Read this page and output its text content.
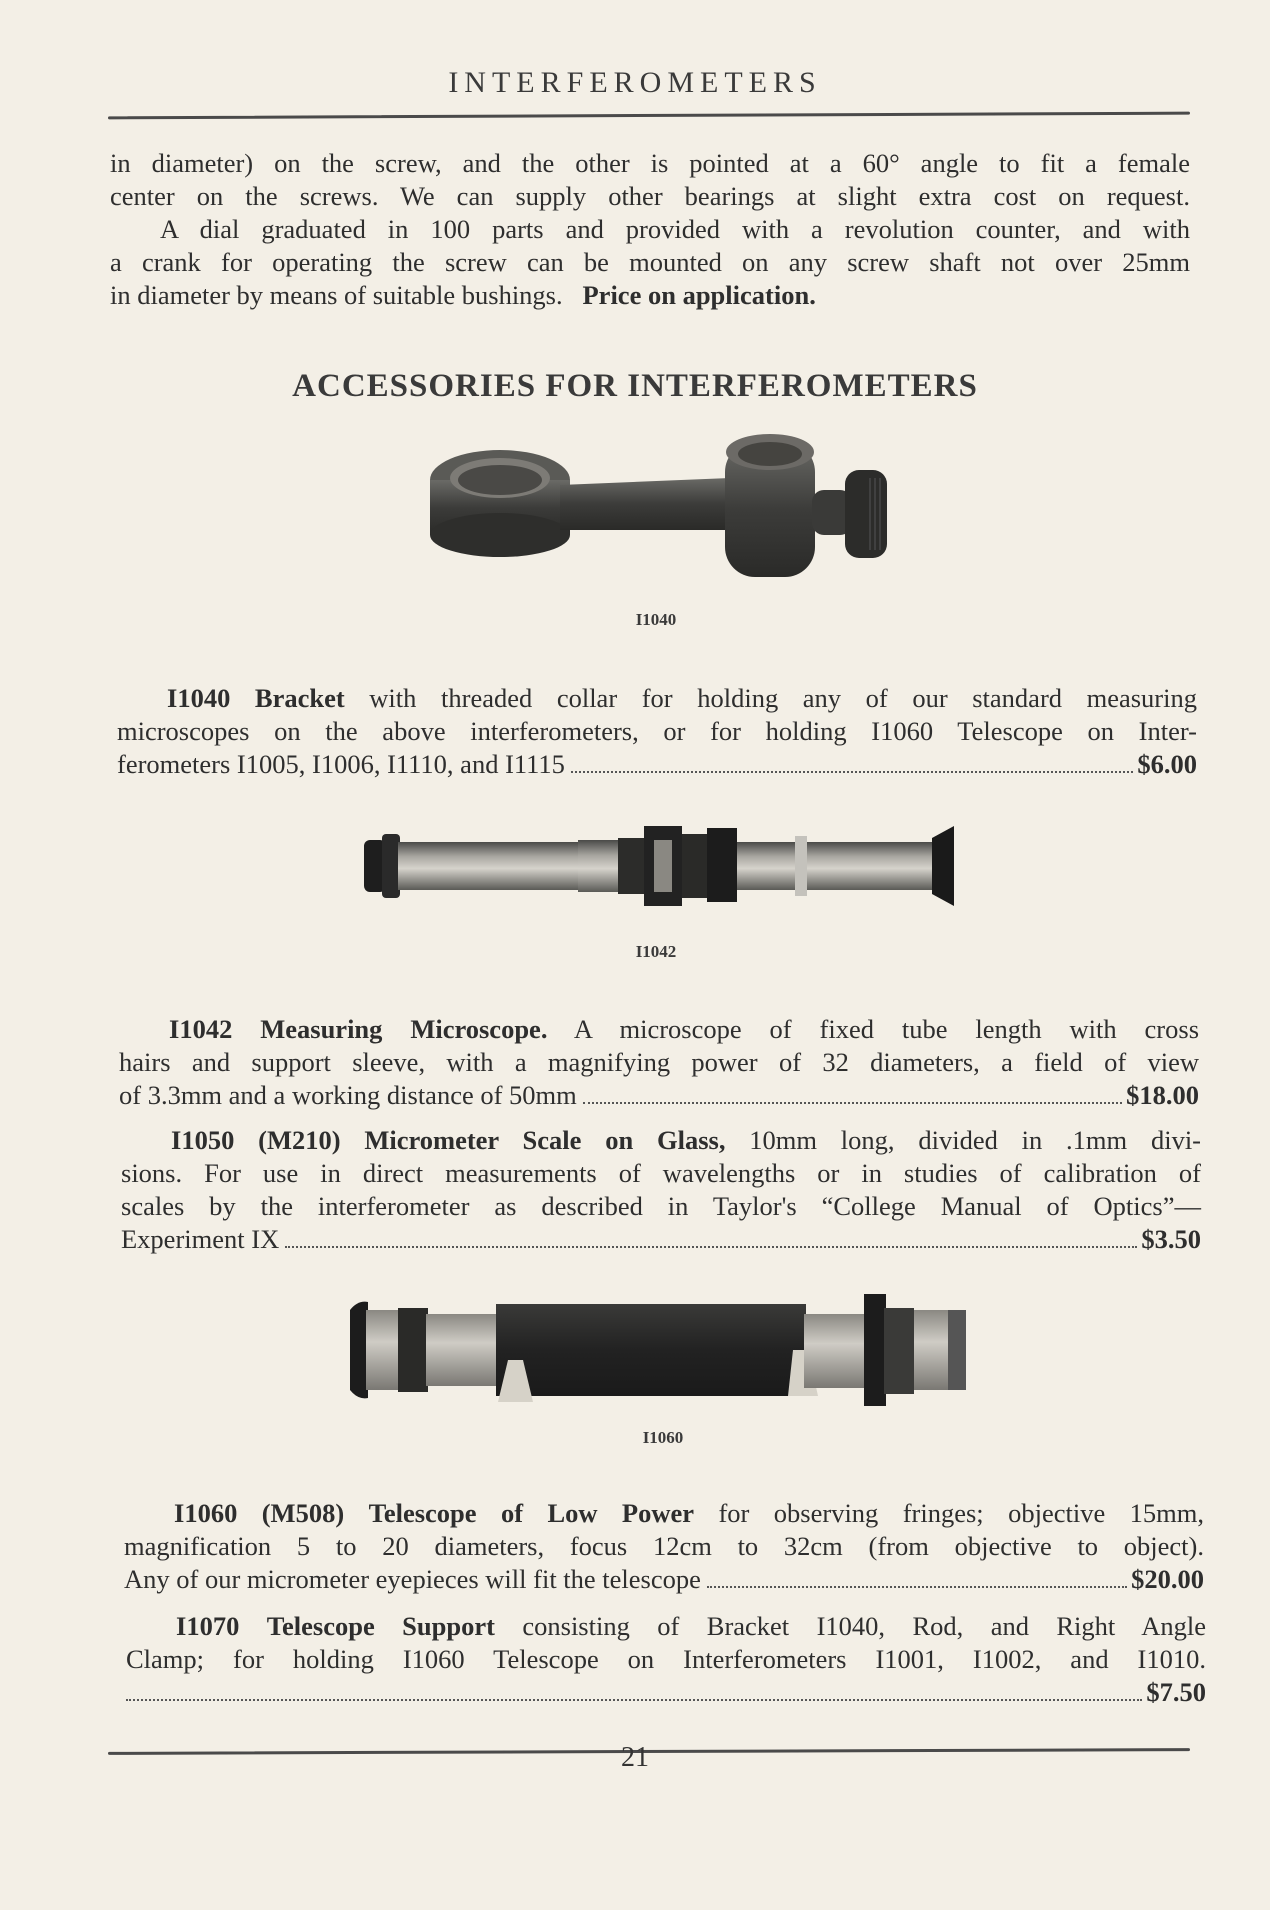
INTERFEROMETERS
in diameter) on the screw, and the other is pointed at a 60° angle to fit a female
center on the screws. We can supply other bearings at slight extra cost on request.
A dial graduated in 100 parts and provided with a revolution counter, and with
a crank for operating the screw can be mounted on any screw shaft not over 25mm
in diameter by means of suitable bushings. Price on application.
ACCESSORIES FOR INTERFEROMETERS
I1040
I1040 Bracket with threaded collar for holding any of our standard measuring
microscopes on the above interferometers, or for holding I1060 Telescope on Inter-
ferometers I1005, I1006, I1110, and I1115	$6.00
I1042
I1042 Measuring Microscope. A microscope of fixed tube length with cross
hairs and support sleeve, with a magnifying power of 32 diameters, a field of view
of 3.3mm and a working distance of 50mm	$18.00
I1050 (M210) Micrometer Scale on Glass, 10mm long, divided in .1mm divi-
sions. For use in direct measurements of wavelengths or in studies of calibration of
scales by the interferometer as described in Taylor's “College Manual of Optics”—
Experiment IX	$3.50
I1060
I1060 (M508) Telescope of Low Power for observing fringes; objective 15mm,
magnification 5 to 20 diameters, focus 12cm to 32cm (from objective to object).
Any of our micrometer eyepieces will fit the telescope	$20.00
I1070 Telescope Support consisting of Bracket I1040, Rod, and Right Angle
Clamp; for holding I1060 Telescope on Interferometers I1001, I1002, and I1010.
$7.50
21
